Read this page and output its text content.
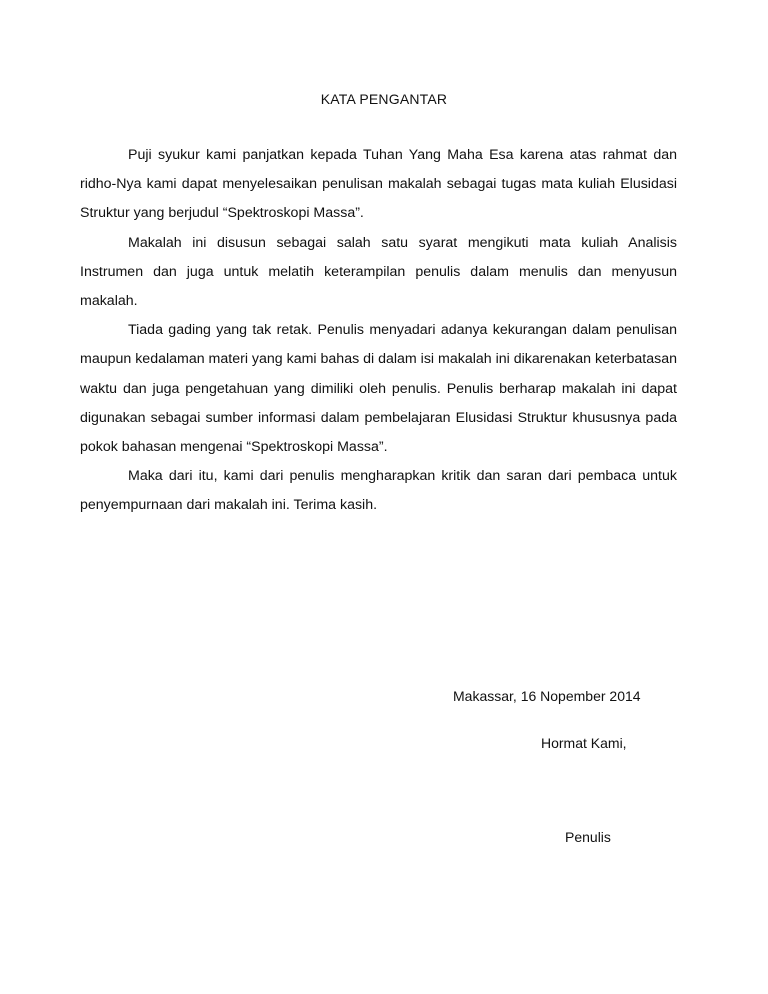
KATA PENGANTAR

Puji syukur kami panjatkan kepada Tuhan Yang Maha Esa karena atas rahmat dan ridho-Nya kami dapat menyelesaikan penulisan makalah sebagai tugas mata kuliah Elusidasi Struktur yang berjudul “Spektroskopi Massa”.

Makalah ini disusun sebagai salah satu syarat mengikuti mata kuliah Analisis Instrumen dan juga untuk melatih keterampilan penulis dalam menulis dan menyusun makalah.

Tiada gading yang tak retak. Penulis menyadari adanya kekurangan dalam penulisan maupun kedalaman materi yang kami bahas di dalam isi makalah ini dikarenakan keterbatasan waktu dan juga pengetahuan yang dimiliki oleh penulis. Penulis berharap makalah ini dapat digunakan sebagai sumber informasi dalam pembelajaran Elusidasi Struktur khususnya pada pokok bahasan mengenai “Spektroskopi Massa”.

Maka dari itu, kami dari penulis mengharapkan kritik dan saran dari pembaca untuk penyempurnaan dari makalah ini. Terima kasih.

Makassar, 16 Nopember 2014
Hormat Kami,
Penulis
